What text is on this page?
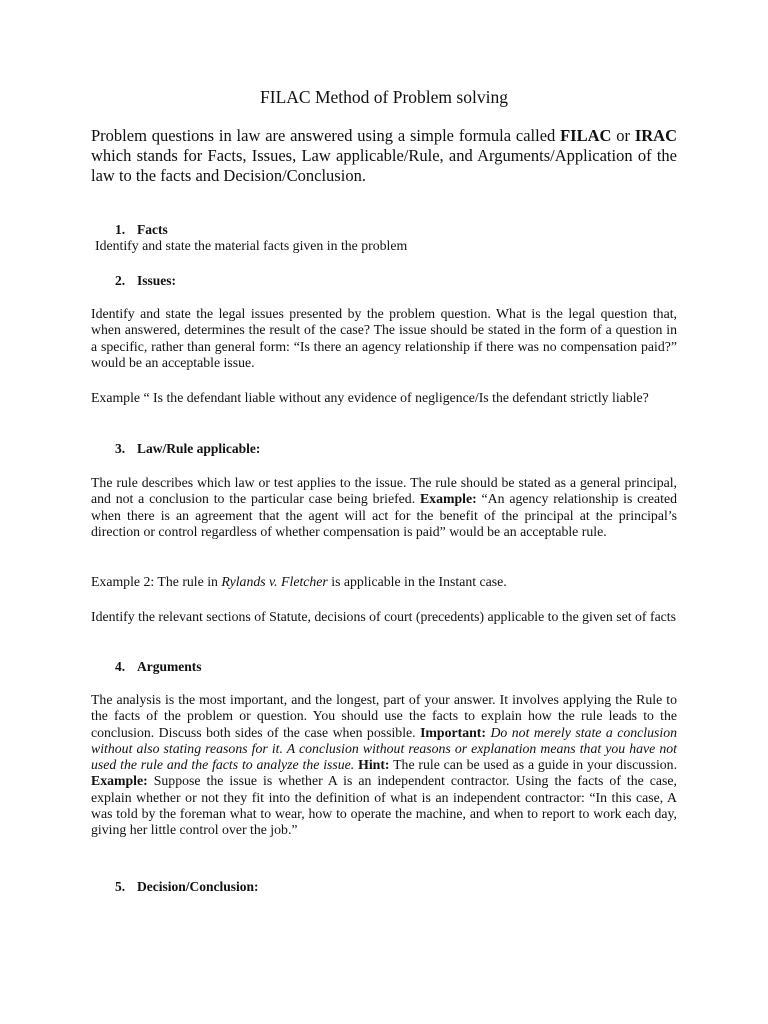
FILAC Method of Problem solving
Problem questions in law are answered using a simple formula called FILAC or IRAC which stands for Facts, Issues, Law applicable/Rule, and Arguments/Application of the law to the facts and Decision/Conclusion.
1. Facts
Identify and state the material facts given in the problem
2. Issues:
Identify and state the legal issues presented by the problem question. What is the legal question that, when answered, determines the result of the case? The issue should be stated in the form of a question in a specific, rather than general form: “Is there an agency relationship if there was no compensation paid?” would be an acceptable issue.
Example “ Is the defendant liable without any evidence of negligence/Is the defendant strictly liable?
3. Law/Rule applicable:
The rule describes which law or test applies to the issue. The rule should be stated as a general principal, and not a conclusion to the particular case being briefed. Example: “An agency relationship is created when there is an agreement that the agent will act for the benefit of the principal at the principal’s direction or control regardless of whether compensation is paid” would be an acceptable rule.
Example 2: The rule in Rylands v. Fletcher is applicable in the Instant case.
Identify the relevant sections of Statute, decisions of court (precedents) applicable to the given set of facts
4. Arguments
The analysis is the most important, and the longest, part of your answer. It involves applying the Rule to the facts of the problem or question. You should use the facts to explain how the rule leads to the conclusion. Discuss both sides of the case when possible. Important: Do not merely state a conclusion without also stating reasons for it. A conclusion without reasons or explanation means that you have not used the rule and the facts to analyze the issue. Hint: The rule can be used as a guide in your discussion. Example: Suppose the issue is whether A is an independent contractor. Using the facts of the case, explain whether or not they fit into the definition of what is an independent contractor: “In this case, A was told by the foreman what to wear, how to operate the machine, and when to report to work each day, giving her little control over the job.”
5. Decision/Conclusion:
